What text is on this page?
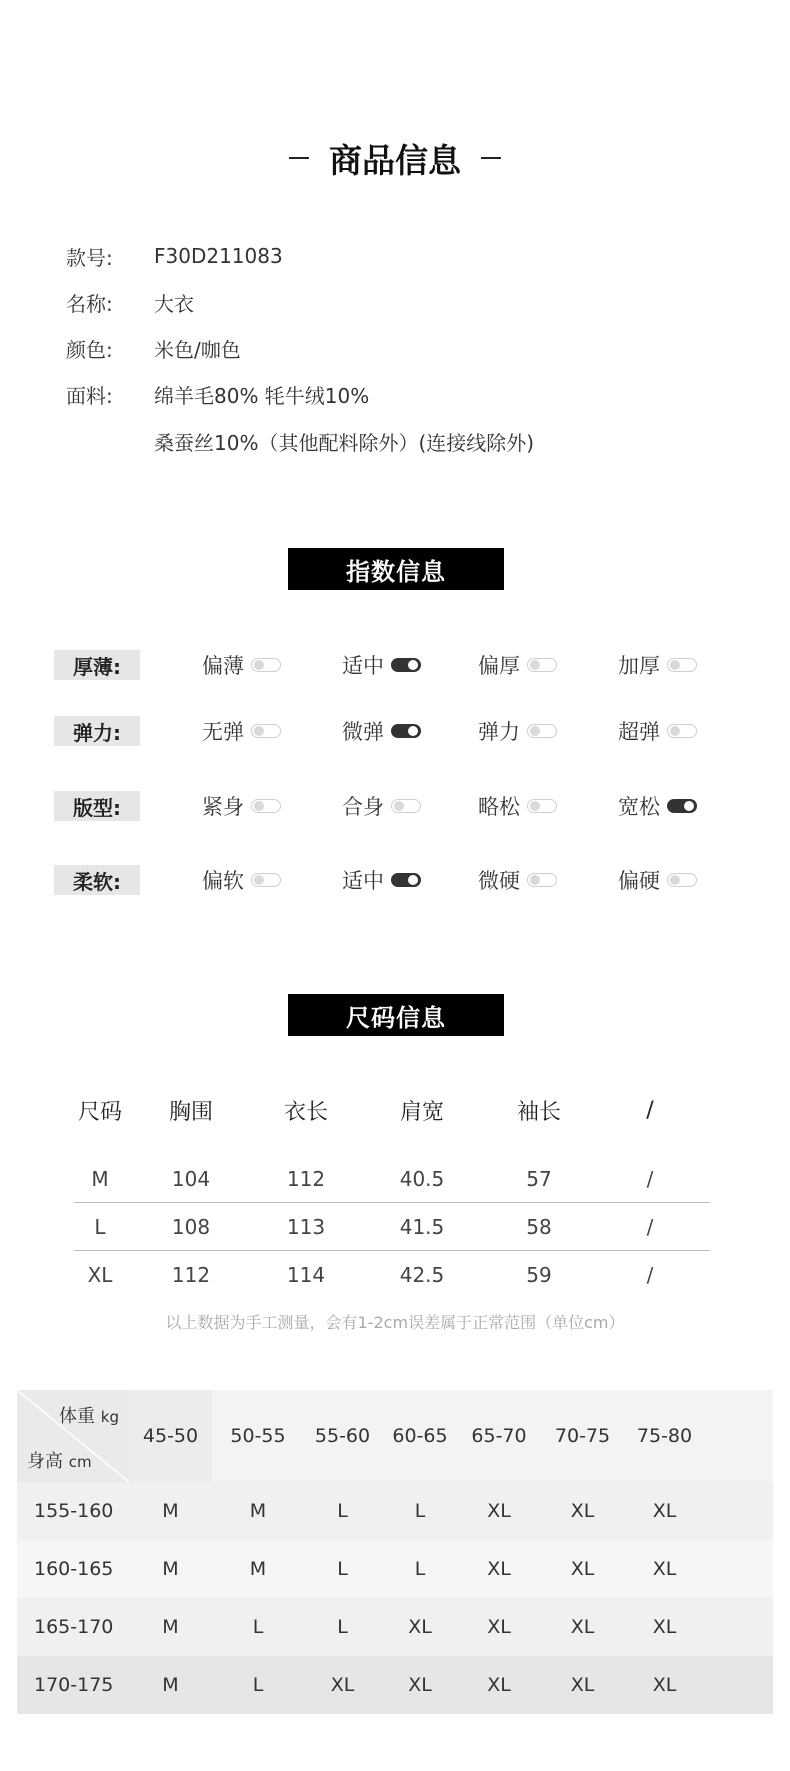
商品信息
款号:	F30D211083
名称:	大衣
颜色:	米色/咖色
面料:	绵羊毛80% 牦牛绒10%
桑蚕丝10%（其他配料除外）(连接线除外)
指数信息
厚薄:	偏薄	适中	偏厚	加厚
弹力:	无弹	微弹	弹力	超弹
版型:	紧身	合身	略松	宽松
柔软:	偏软	适中	微硬	偏硬
尺码信息
尺码	胸围	衣长	肩宽	袖长	/
M	104	112	40.5	57	/
L	108	113	41.5	58	/
XL	112	114	42.5	59	/
以上数据为手工测量，会有1-2cm误差属于正常范围（单位cm）
体重 kg
身高 cm
45-50	50-55	55-60	60-65	65-70	70-75	75-80
155-160	M	M	L	L	XL	XL	XL
160-165	M	M	L	L	XL	XL	XL
165-170	M	L	L	XL	XL	XL	XL
170-175	M	L	XL	XL	XL	XL	XL
